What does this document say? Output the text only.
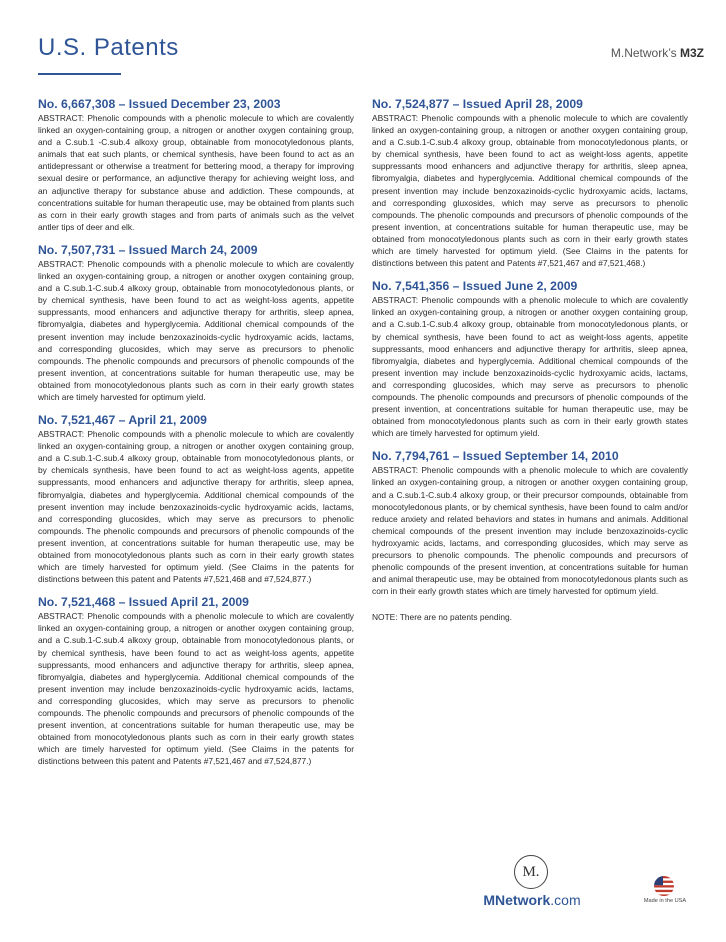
U.S. Patents	M.Network’s M3Z
No. 6,667,308 – Issued December 23, 2003

ABSTRACT: Phenolic compounds with a phenolic molecule to which are covalently linked an oxygen-containing group, a nitrogen or another oxygen containing group, and a C.sub.1 -C.sub.4 alkoxy group, obtainable from monocotyledonous plants, animals that eat such plants, or chemical synthesis, have been found to act as an antidepressant or otherwise a treatment for bettering mood, a therapy for improving sexual desire or performance, an adjunctive therapy for achieving weight loss, and an adjunctive therapy for substance abuse and addiction. These compounds, at concentrations suitable for human therapeutic use, may be obtained from plants such as corn in their early growth stages and from parts of animals such as the velvet antler tips of deer and elk.

No. 7,507,731 – Issued March 24, 2009

ABSTRACT: Phenolic compounds with a phenolic molecule to which are covalently linked an oxygen-containing group, a nitrogen or another oxygen containing group, and a C.sub.1-C.sub.4 alkoxy group, obtainable from monocotyledonous plants, or by chemical synthesis, have been found to act as weight-loss agents, appetite suppressants, mood enhancers and adjunctive therapy for arthritis, sleep apnea, fibromyalgia, diabetes and hyperglycemia. Additional chemical compounds of the present invention may include benzoxazinoids-cyclic hydroxyamic acids, lactams, and corresponding glucosides, which may serve as precursors to phenolic compounds. The phenolic compounds and precursors of phenolic compounds of the present invention, at concentrations suitable for human therapeutic use, may be obtained from monocotyledonous plants such as corn in their early growth states which are timely harvested for optimum yield.

No. 7,521,467 – April 21, 2009

ABSTRACT: Phenolic compounds with a phenolic molecule to which are covalently linked an oxygen-containing group, a nitrogen or another oxygen containing group, and a C.sub.1-C.sub.4 alkoxy group, obtainable from monocotyledonous plants, or by chemicals synthesis, have been found to act as weight-loss agents, appetite suppressants, mood enhancers and adjunctive therapy for arthritis, sleep apnea, fibromyalgia, diabetes and hyperglycemia. Additional chemical compounds of the present invention may include benzoxazinoids-cyclic hydroxyamic acids, lactams, and corresponding glucosides, which may serve as precursors to phenolic compounds. The phenolic compounds and precursors of phenolic compounds of the present invention, at concentrations suitable for human therapeutic use, may be obtained from monocotyledonous plants such as corn in their early growth states which are timely harvested for optimum yield. (See Claims in the patents for distinctions between this patent and Patents #7,521,468 and #7,524,877.)

No. 7,521,468 – Issued April 21, 2009

ABSTRACT: Phenolic compounds with a phenolic molecule to which are covalently linked an oxygen-containing group, a nitrogen or another oxygen containing group, and a C.sub.1-C.sub.4 alkoxy group, obtainable from monocotyledonous plants, or by chemical synthesis, have been found to act as weight-loss agents, appetite suppressants, mood enhancers and adjunctive therapy for arthritis, sleep apnea, fibromyalgia, diabetes and hyperglycemia. Additional chemical compounds of the present invention may include benzoxazinoids-cyclic hydroxyamic acids, lactams, and corresponding glucosides, which may serve as precursors to phenolic compounds. The phenolic compounds and precursors of phenolic compounds of the present invention, at concentrations suitable for human therapeutic use, may be obtained from monocotyledonous plants such as corn in their early growth states which are timely harvested for optimum yield. (See Claims in the patents for distinctions between this patent and Patents #7,521,467 and #7,524,877.)

No. 7,524,877 – Issued April 28, 2009

ABSTRACT: Phenolic compounds with a phenolic molecule to which are covalently linked an oxygen-containing group, a nitrogen or another oxygen containing group, and a C.sub.1-C.sub.4 alkoxy group, obtainable from monocotyledonous plants, or by chemical synthesis, have been found to act as weight-loss agents, appetite suppressants mood enhancers and adjunctive therapy for arthritis, sleep apnea, fibromyalgia, diabetes and hyperglycemia. Additional chemical compounds of the present invention may include benzoxazinoids-cyclic hydroxyamic acids, lactams, and corresponding gluxosides, which may serve as precursors to phenolic compounds. The phenolic compounds and precursors of phenolic compounds of the present invention, at concentrations suitable for human therapeutic use, may be obtained from monocotyledonous plants such as corn in their early growth states which are timely harvested for optimum yield. (See Claims in the patents for distinctions between this patent and Patents #7,521,467 and #7,521,468.)

No. 7,541,356 – Issued June 2, 2009

ABSTRACT: Phenolic compounds with a phenolic molecule to which are covalently linked an oxygen-containing group, a nitrogen or another oxygen containing group, and a C.sub.1-C.sub.4 alkoxy group, obtainable from monocotyledonous plants, or by chemical synthesis, have been found to act as weight-loss agents, appetite suppressants, mood enhancers and adjunctive therapy for arthritis, sleep apnea, fibromyalgia, diabetes and hyperglycemia. Additional chemical compounds of the present invention may include benzoxazinoids-cyclic hydroxyamic acids, lactams, and corresponding glucosides, which may serve as precursors to phenolic compounds. The phenolic compounds and precursors of phenolic compounds of the present invention, at concentrations suitable for human therapeutic use, may be obtained from monocotyledonous plants such as corn in their early growth states which are timely harvested for optimum yield.

No. 7,794,761 – Issued September 14, 2010

ABSTRACT: Phenolic compounds with a phenolic molecule to which are covalently linked an oxygen-containing group, a nitrogen or another oxygen containing group, and a C.sub.1-C.sub.4 alkoxy group, or their precursor compounds, obtainable from monocotyledonous plants, or by chemical synthesis, have been found to calm and/or reduce anxiety and related behaviors and states in humans and animals. Additional chemical compounds of the present invention may include benzoxazinoids-cyclic hydroxyamic acids, lactams, and corresponding glucosides, which may serve as precursors to phenolic compounds. The phenolic compounds and precursors of phenolic compounds of the present invention, at concentrations suitable for human and animal therapeutic use, may be obtained from monocotyledonous plants such as corn in their early growth states which are timely harvested for optimum yield.

NOTE: There are no patents pending.

M.
MNetwork.com	Made in the USA
